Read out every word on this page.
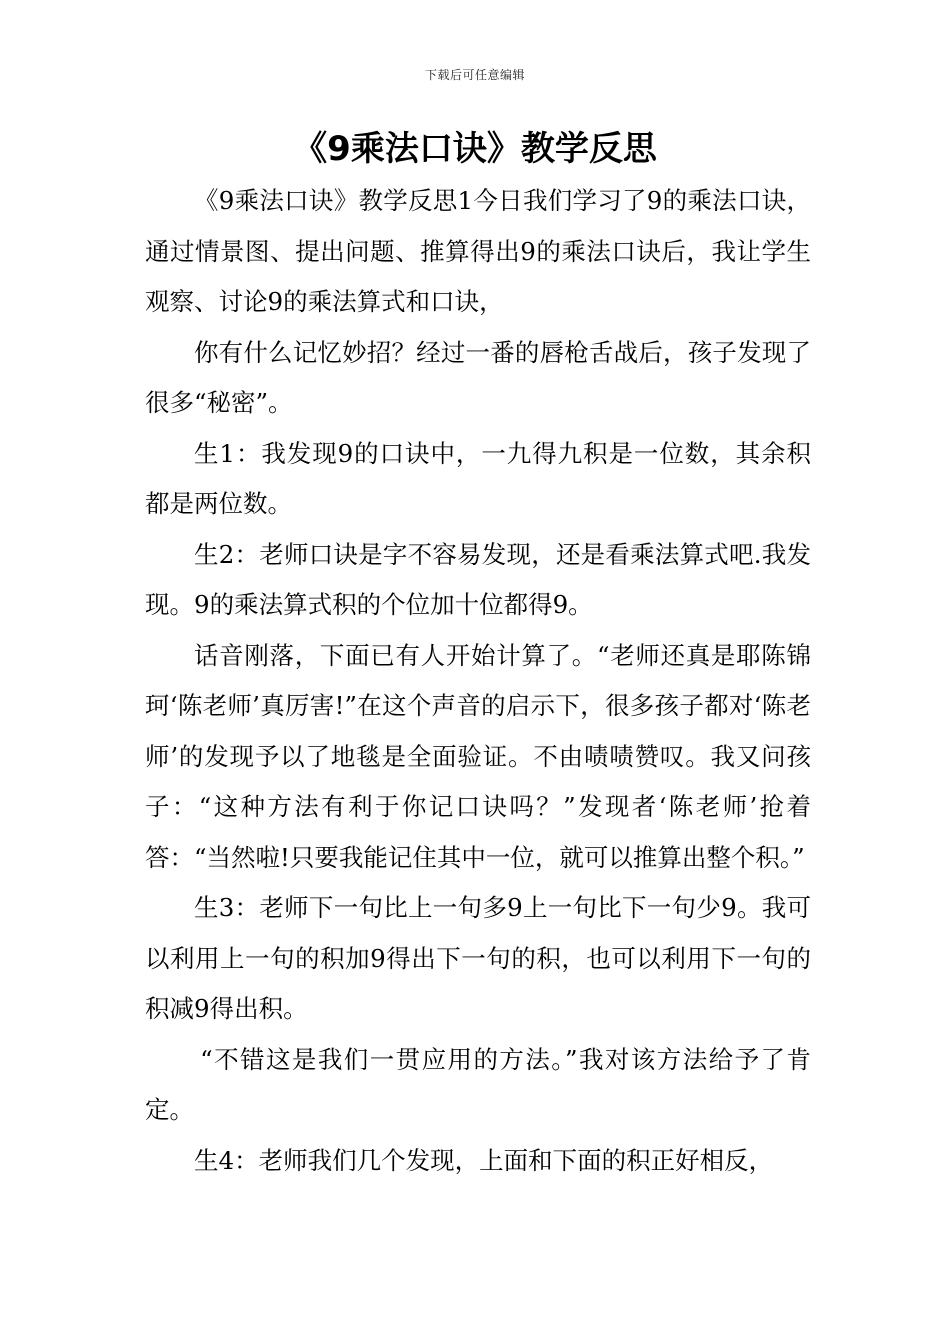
下载后可任意编辑
《9乘法口诀》教学反思

《9乘法口诀》教学反思1今日我们学习了9的乘法口诀，通过情景图、提出问题、推算得出9的乘法口诀后，我让学生观察、讨论9的乘法算式和口诀，

你有什么记忆妙招？经过一番的唇枪舌战后，孩子发现了很多“秘密”。

生1：我发现9的口诀中，一九得九积是一位数，其余积都是两位数。

生2：老师口诀是字不容易发现，还是看乘法算式吧.我发现。9的乘法算式积的个位加十位都得9。

话音刚落，下面已有人开始计算了。“老师还真是耶陈锦珂‘陈老师’真厉害!”在这个声音的启示下，很多孩子都对‘陈老师’的发现予以了地毯是全面验证。不由啧啧赞叹。我又问孩子：“这种方法有利于你记口诀吗？”发现者‘陈老师’抢着答：“当然啦!只要我能记住其中一位，就可以推算出整个积。”

生3：老师下一句比上一句多9上一句比下一句少9。我可以利用上一句的积加9得出下一句的积，也可以利用下一句的积减9得出积。

“不错这是我们一贯应用的方法。”我对该方法给予了肯定。

生4：老师我们几个发现，上面和下面的积正好相反，
